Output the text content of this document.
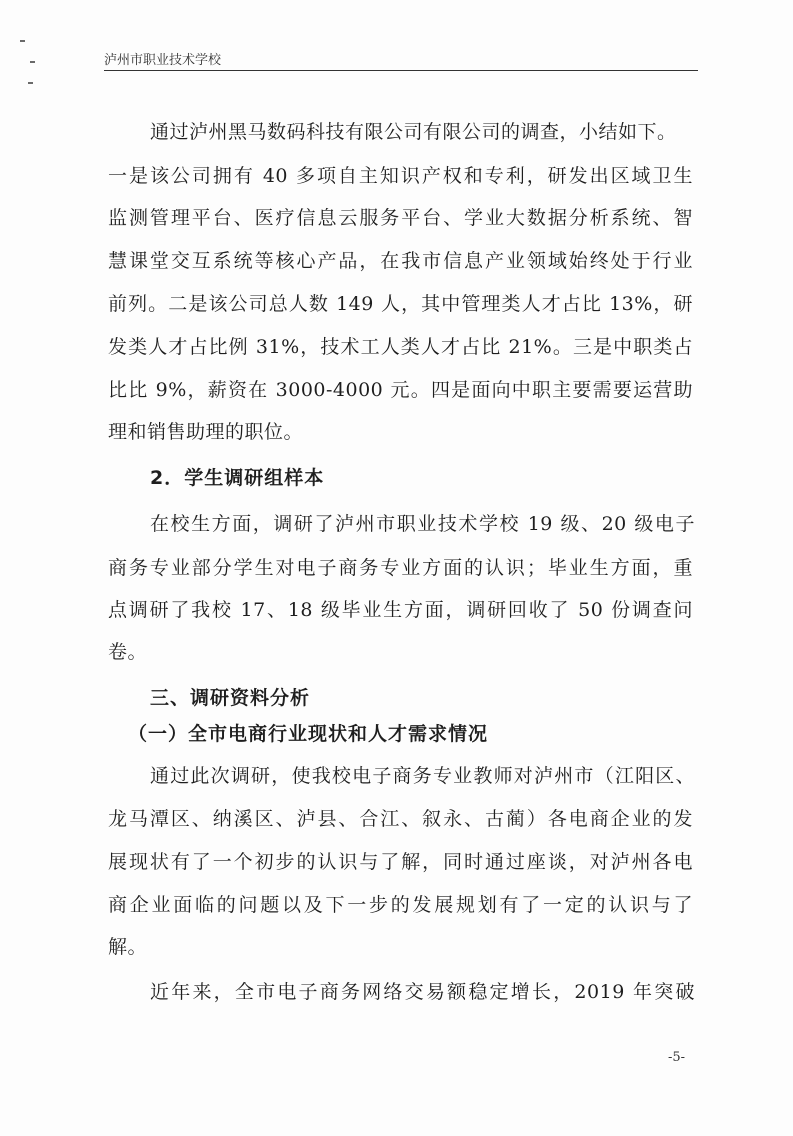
泸州市职业技术学校
通过泸州黑马数码科技有限公司有限公司的调查，小结如下。
一是该公司拥有 40 多项自主知识产权和专利，研发出区域卫生
监测管理平台、医疗信息云服务平台、学业大数据分析系统、智
慧课堂交互系统等核心产品，在我市信息产业领域始终处于行业
前列。二是该公司总人数 149 人，其中管理类人才占比 13%，研
发类人才占比例 31%，技术工人类人才占比 21%。三是中职类占
比比 9%，薪资在 3000-4000 元。四是面向中职主要需要运营助
理和销售助理的职位。
2．学生调研组样本
在校生方面，调研了泸州市职业技术学校 19 级、20 级电子
商务专业部分学生对电子商务专业方面的认识；毕业生方面，重
点调研了我校 17、18 级毕业生方面，调研回收了 50 份调查问
卷。
三、调研资料分析
（一）全市电商行业现状和人才需求情况
通过此次调研，使我校电子商务专业教师对泸州市（江阳区、
龙马潭区、纳溪区、泸县、合江、叙永、古蔺）各电商企业的发
展现状有了一个初步的认识与了解，同时通过座谈，对泸州各电
商企业面临的问题以及下一步的发展规划有了一定的认识与了
解。
近年来，全市电子商务网络交易额稳定增长，2019 年突破
-5-
